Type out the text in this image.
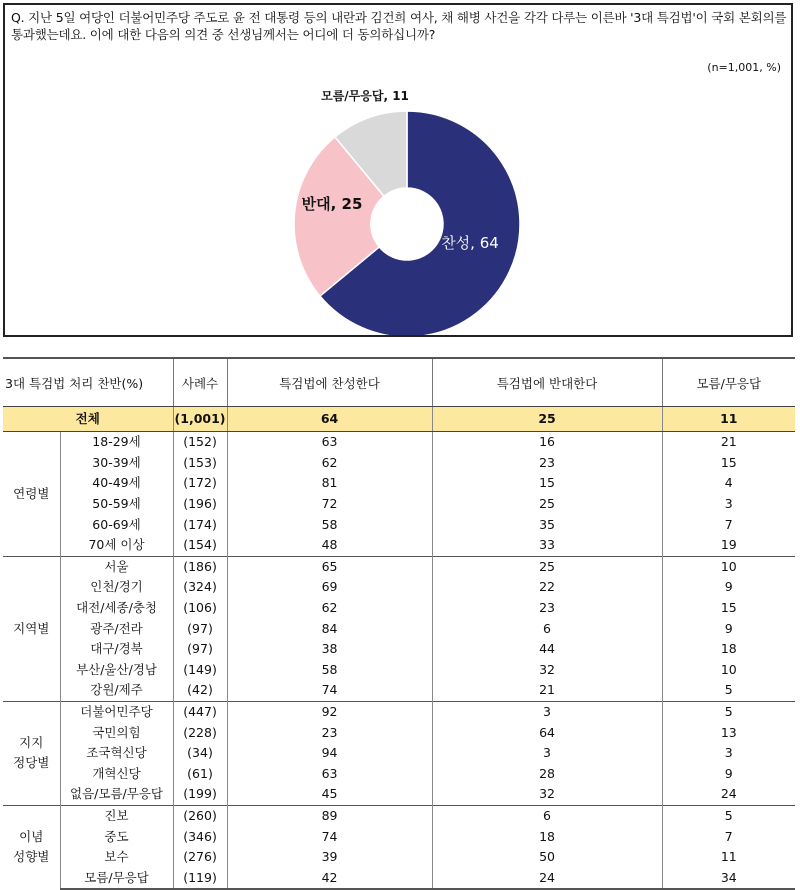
Q. 지난 5일 여당인 더불어민주당 주도로 윤 전 대통령 등의 내란과 김건희 여사, 채 해병 사건을 각각 다루는 이른바 '3대 특검법'이 국회 본회의를 통과했는데요. 이에 대한 다음의 의견 중 선생님께서는 어디에 더 동의하십니까?
(n=1,001, %)
찬성, 64
반대, 25
모름/무응답, 11
3대 특검법 처리 찬반(%)		사례수	특검법에 찬성한다	특검법에 반대한다	모름/무응답
전체		(1,001)	64	25	11
연령별	18-29세	(152)	63	16	21
	30-39세	(153)	62	23	15
	40-49세	(172)	81	15	4
	50-59세	(196)	72	25	3
	60-69세	(174)	58	35	7
	70세 이상	(154)	48	33	19
지역별	서울	(186)	65	25	10
	인천/경기	(324)	69	22	9
	대전/세종/충청	(106)	62	23	15
	광주/전라	(97)	84	6	9
	대구/경북	(97)	38	44	18
	부산/울산/경남	(149)	58	32	10
	강원/제주	(42)	74	21	5
지지
정당별	더불어민주당	(447)	92	3	5
	국민의힘	(228)	23	64	13
	조국혁신당	(34)	94	3	3
	개혁신당	(61)	63	28	9
	없음/모름/무응답	(199)	45	32	24
이념
성향별	진보	(260)	89	6	5
	중도	(346)	74	18	7
	보수	(276)	39	50	11
	모름/무응답	(119)	42	24	34
